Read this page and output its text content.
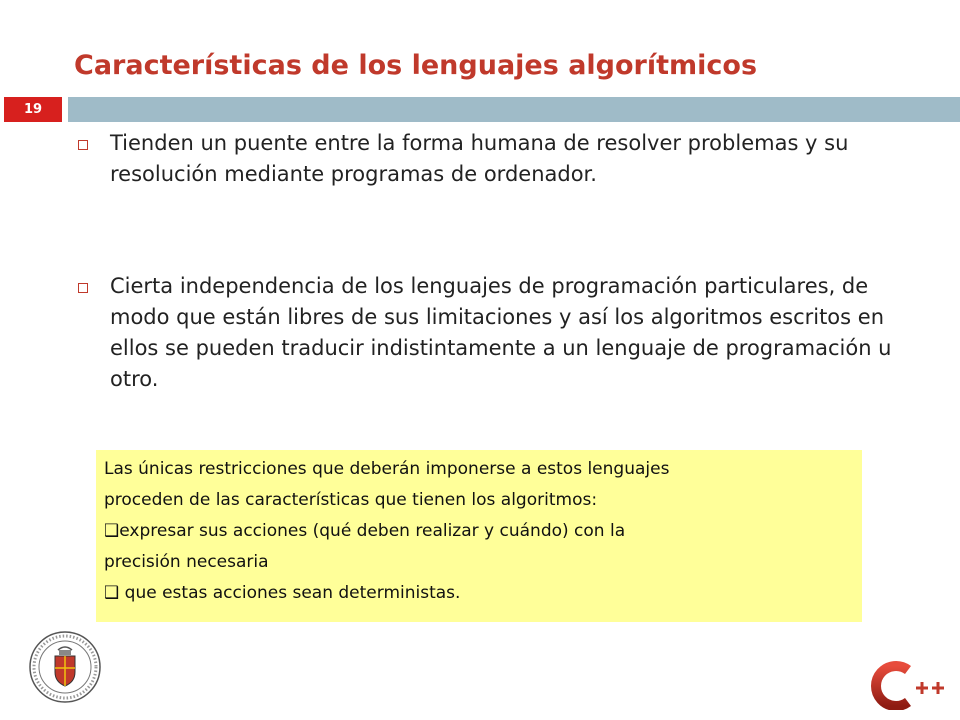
Características de los lenguajes algorítmicos
19
Tienden un puente entre la forma humana de resolver problemas y su resolución mediante programas de ordenador.
Cierta independencia de los lenguajes de programación particulares, de modo que están libres de sus limitaciones y así los algoritmos escritos en ellos se pueden traducir indistintamente a un lenguaje de programación u otro.
Las únicas restricciones que deberán imponerse a estos lenguajes
proceden de las características que tienen los algoritmos:
❑expresar sus acciones (qué deben realizar y cuándo) con la
precisión necesaria
❑ que estas acciones sean deterministas.
